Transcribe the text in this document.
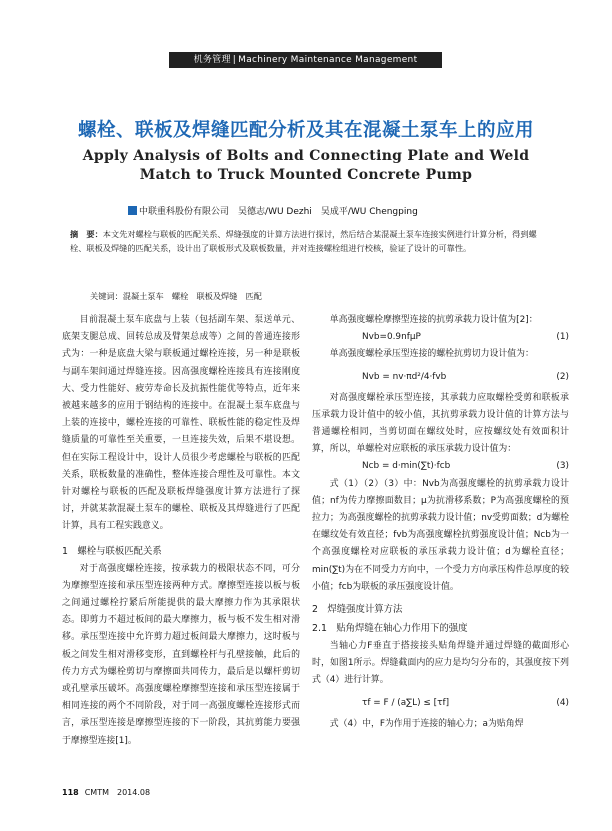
机务管理 | Machinery Maintenance Management
螺栓、联板及焊缝匹配分析及其在混凝土泵车上的应用
Apply Analysis of Bolts and Connecting Plate and Weld
Match to Truck Mounted Concrete Pump
中联重科股份有限公司　 吴德志/WU Dezhi　 吴成平/WU Chengping
摘　要：本文先对螺栓与联板的匹配关系、焊缝强度的计算方法进行探讨，然后结合某混凝土泵车连接实例进行计算分析，得到螺栓、联板及焊缝的匹配关系，设计出了联板形式及联板数量，并对连接螺栓组进行校核，验证了设计的可靠性。
关键词：混凝土泵车　螺栓　联板及焊缝　匹配

目前混凝土泵车底盘与上装（包括副车架、泵送单元、底架支腿总成、回转总成及臂架总成等）之间的普通连接形式为：一种是底盘大梁与联板通过螺栓连接，另一种是联板与副车架间通过焊缝连接。因高强度螺栓连接具有连接刚度大、受力性能好、疲劳寿命长及抗振性能优等特点，近年来被越来越多的应用于钢结构的连接中。在混凝土泵车底盘与上装的连接中，螺栓连接的可靠性、联板性能的稳定性及焊缝质量的可靠性至关重要，一旦连接失效，后果不堪设想。但在实际工程设计中，设计人员很少考虑螺栓与联板的匹配关系，联板数量的准确性，整体连接合理性及可靠性。本文针对螺栓与联板的匹配及联板焊缝强度计算方法进行了探讨，并就某款混凝土泵车的螺栓、联板及其焊缝进行了匹配计算，具有工程实践意义。

1　螺栓与联板匹配关系

对于高强度螺栓连接，按承载力的极限状态不同，可分为摩擦型连接和承压型连接两种方式。摩擦型连接以板与板之间通过螺栓拧紧后所能提供的最大摩擦力作为其承限状态。即剪力不超过板间的最大摩擦力，板与板不发生相对滑移。承压型连接中允许剪力超过板间最大摩擦力，这时板与板之间发生相对滑移变形，直到螺栓杆与孔壁接触，此后的传力方式为螺栓剪切与摩擦面共同传力，最后是以螺杆剪切或孔壁承压破坏。高强度螺栓摩擦型连接和承压型连接属于相同连接的两个不同阶段，对于同一高强度螺栓连接形式而言，承压型连接是摩擦型连接的下一阶段，其抗剪能力要强于摩擦型连接[1]。

单高强度螺栓摩擦型连接的抗剪承载力设计值为[2]：

Nvb=0.9nfμP	(1)

单高强度螺栓承压型连接的螺栓抗剪切力设计值为：

Nvb = nv·πd²/4·fvb	(2)

对高强度螺栓承压型连接，其承载力应取螺栓受剪和联板承压承载力设计值中的较小值，其抗剪承载力设计值的计算方法与普通螺栓相同，当剪切面在螺纹处时，应按螺纹处有效面积计算，所以，单螺栓对应联板的承压承载力设计值为：

Ncb = d·min(∑t)·fcb	(3)

式（1）（2）（3）中：Nvb为高强度螺栓的抗剪承载力设计值；nf为传力摩擦面数目；μ为抗滑移系数；P为高强度螺栓的预拉力；为高强度螺栓的抗剪承载力设计值；nv受剪面数；d为螺栓在螺纹处有效直径；fvb为高强度螺栓抗剪强度设计值；Ncb为一个高强度螺栓对应联板的承压承载力设计值；d为螺栓直径；min(∑t)为在不同受力方向中，一个受力方向承压构件总厚度的较小值；fcb为联板的承压强度设计值。

2　焊缝强度计算方法
2.1　贴角焊缝在轴心力作用下的强度

当轴心力F垂直于搭接接头贴角焊缝并通过焊缝的截面形心时，如图1所示。焊缝截面内的应力是均匀分布的，其强度按下列式（4）进行计算。

τf = F / (a∑L) ≤ [τf]	(4)

式（4）中，F为作用于连接的轴心力；a为贴角焊

118 CMTM　2014.08
